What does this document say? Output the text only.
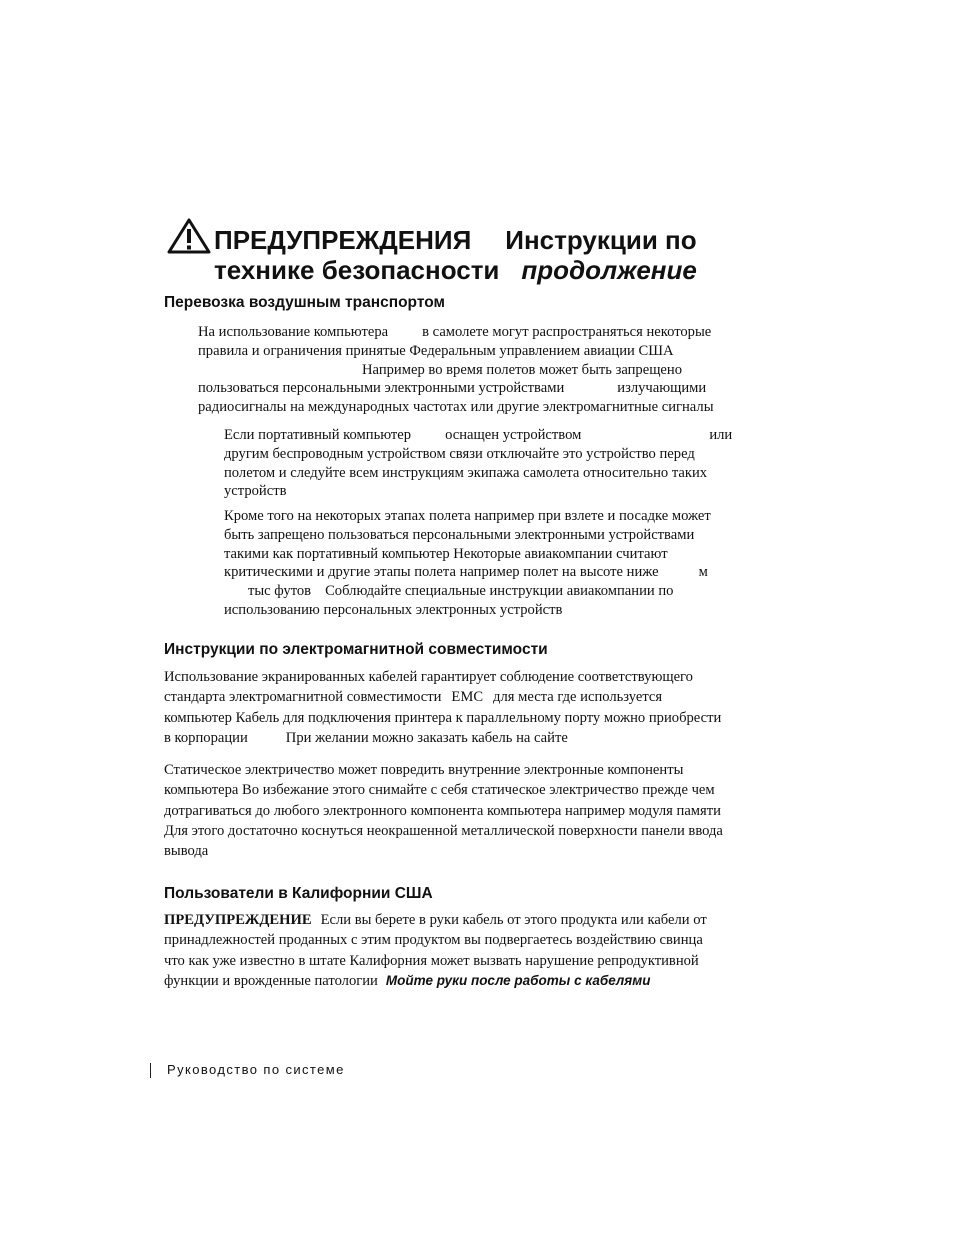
ПРЕДУПРЕЖДЕНИЯ Инструкции по
технике безопасности продолжение
Перевозка воздушным транспортом
На использование компьютера в самолете могут распространяться некоторые
правила и ограничения принятые Федеральным управлением авиации США
Например во время полетов может быть запрещено
пользоваться персональными электронными устройствами	излучающими
радиосигналы на международных частотах или другие электромагнитные сигналы
Если портативный компьютер оснащен устройством	или
другим беспроводным устройством связи отключайте это устройство перед
полетом и следуйте всем инструкциям экипажа самолета относительно таких
устройств
Кроме того на некоторых этапах полета например при взлете и посадке может
быть запрещено пользоваться персональными электронными устройствами
такими как портативный компьютер Некоторые авиакомпании считают
критическими и другие этапы полета например полет на высоте ниже	м
тыс футов Соблюдайте специальные инструкции авиакомпании по
использованию персональных электронных устройств
Инструкции по электромагнитной совместимости
Использование экранированных кабелей гарантирует соблюдение соответствующего
стандарта электромагнитной совместимости EMC для места где используется
компьютер Кабель для подключения принтера к параллельному порту можно приобрести
в корпорации	При желании можно заказать кабель на сайте
Статическое электричество может повредить внутренние электронные компоненты
компьютера Во избежание этого снимайте с себя статическое электричество прежде чем
дотрагиваться до любого электронного компонента компьютера например модуля памяти
Для этого достаточно коснуться неокрашенной металлической поверхности панели ввода
вывода
Пользователи в Калифорнии США
ПРЕДУПРЕЖДЕНИЕ Если вы берете в руки кабель от этого продукта или кабели от
принадлежностей проданных с этим продуктом вы подвергаетесь воздействию свинца
что как уже известно в штате Калифорния может вызвать нарушение репродуктивной
функции и врожденные патологии Мойте руки после работы с кабелями
Руководство по системе
